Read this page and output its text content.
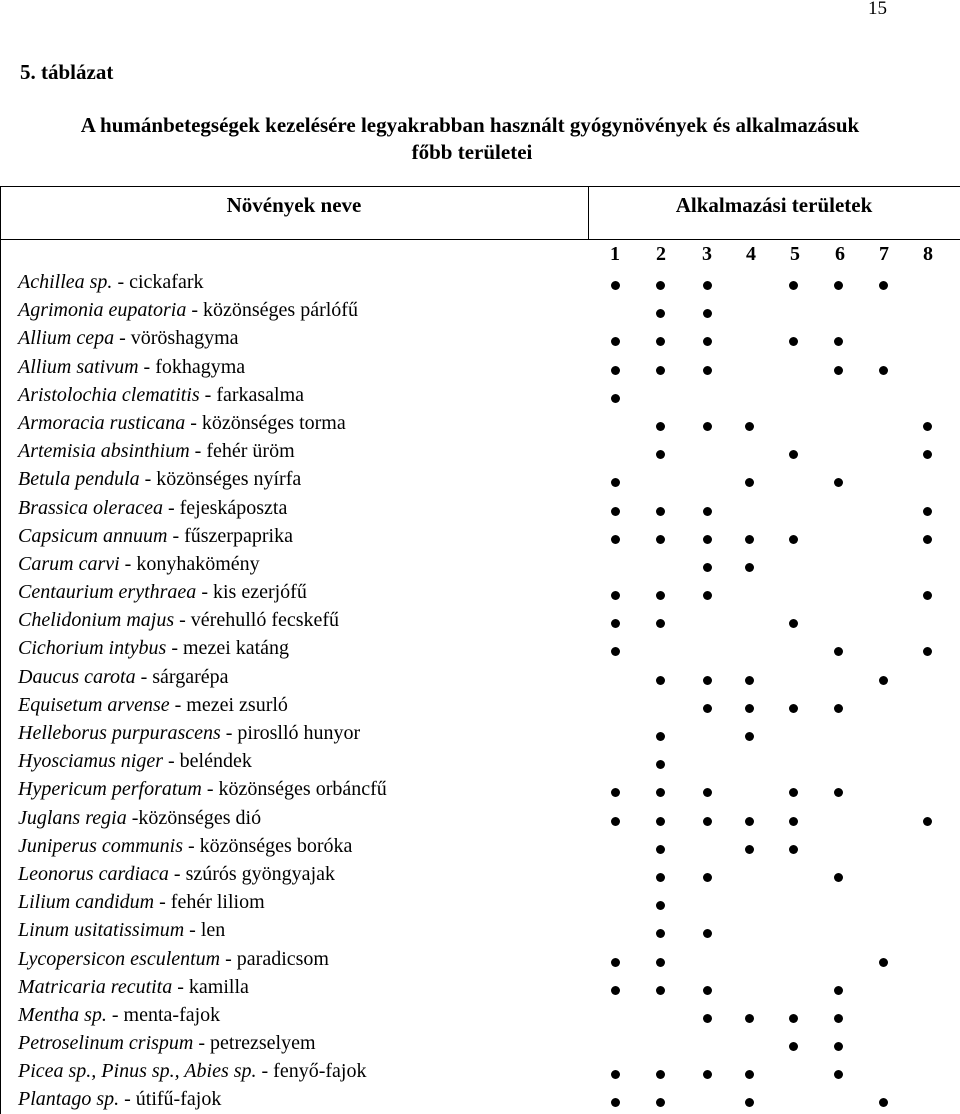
15
5. táblázat
A humánbetegségek kezelésére legyakrabban használt gyógynövények és alkalmazásuk
főbb területei
Növények neve	Alkalmazási területek
1 2 3 4 5 6 7 8
Achillea sp. - cickafark
Agrimonia eupatoria - közönséges párlófű
Allium cepa - vöröshagyma
Allium sativum - fokhagyma
Aristolochia clematitis - farkasalma
Armoracia rusticana - közönséges torma
Artemisia absinthium - fehér üröm
Betula pendula - közönséges nyírfa
Brassica oleracea - fejeskáposzta
Capsicum annuum - fűszerpaprika
Carum carvi - konyhakömény
Centaurium erythraea - kis ezerjófű
Chelidonium majus - vérehulló fecskefű
Cichorium intybus - mezei katáng
Daucus carota - sárgarépa
Equisetum arvense - mezei zsurló
Helleborus purpurascens - piroslló hunyor
Hyosciamus niger - beléndek
Hypericum perforatum - közönséges orbáncfű
Juglans regia -közönséges dió
Juniperus communis - közönséges boróka
Leonorus cardiaca - szúrós gyöngyajak
Lilium candidum - fehér liliom
Linum usitatissimum - len
Lycopersicon esculentum - paradicsom
Matricaria recutita - kamilla
Mentha sp. - menta-fajok
Petroselinum crispum - petrezselyem
Picea sp., Pinus sp., Abies sp. - fenyő-fajok
Plantago sp. - útifű-fajok
